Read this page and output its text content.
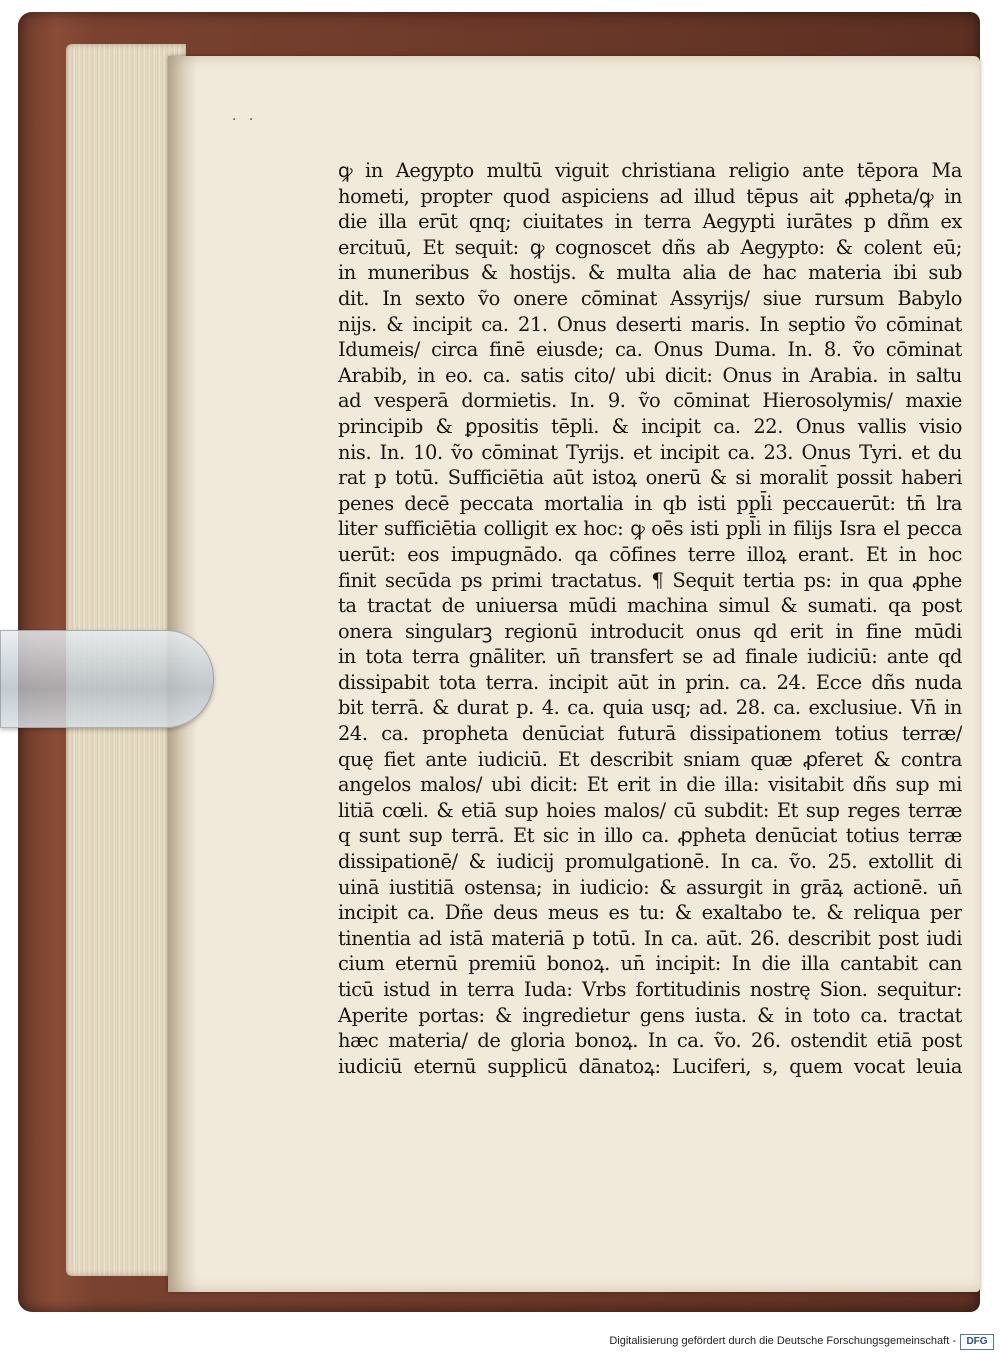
· ·
ꝙ in Aegypto multū viguit christiana religio ante tēpora Ma
hometi, propter quod aspiciens ad illud tēpus ait ꝓpheta/ꝙ in
die illa erūt qnq; ciuitates in terra Aegypti iurātes p dñm ex
ercituū, Et sequit: ꝙ cognoscet dñs ab Aegypto: & colent eū;
in muneribus & hostijs. & multa alia de hac materia ibi sub
dit. In sexto ṽo onere cōminat Assyrijs/ siue rursum Babylo
nijs. & incipit ca. 21. Onus deserti maris. In septio ṽo cōminat
Idumeis/ circa finē eiusde; ca. Onus Duma. In. 8. ṽo cōminat
Arabib, in eo. ca. satis cito/ ubi dicit: Onus in Arabia. in saltu
ad vesperā dormietis. In. 9. ṽo cōminat Hierosolymis/ maxie
principib & ꝑpositis tēpli. & incipit ca. 22. Onus vallis visio
nis. In. 10. ṽo cōminat Tyrijs. et incipit ca. 23. Onus Tyri. et du
rat p totū. Sufficiētia aūt istoꝝ onerū & si moralit̄ possit haberi
penes decē peccata mortalia in qb isti ppl̄i peccauerūt: tn̄ lra
liter sufficiētia colligit ex hoc: ꝙ oēs isti ppl̄i in filijs Isra el pecca
uerūt: eos impugnādo. qa cōfines terre illoꝝ erant. Et in hoc
finit secūda ps primi tractatus. ¶ Sequit tertia ps: in qua ꝓphe
ta tractat de uniuersa mūdi machina simul & sumati. qa post
onera singularꝫ regionū introducit onus qd erit in fine mūdi
in tota terra gnāliter. un̄ transfert se ad finale iudiciū: ante qd
dissipabit tota terra. incipit aūt in prin. ca. 24. Ecce dñs nuda
bit terrā. & durat p. 4. ca. quia usq; ad. 28. ca. exclusiue. Vn̄ in
24. ca. propheta denūciat futurā dissipationem totius terræ/
quę fiet ante iudiciū. Et describit sniam quæ ꝓferet & contra
angelos malos/ ubi dicit: Et erit in die illa: visitabit dñs sup mi
litiā cœli. & etiā sup hoies malos/ cū subdit: Et sup reges terræ
q sunt sup terrā. Et sic in illo ca. ꝓpheta denūciat totius terræ
dissipationē/ & iudicij promulgationē. In ca. ṽo. 25. extollit di
uinā iustitiā ostensa; in iudicio: & assurgit in grāꝝ actionē. un̄
incipit ca. Dñe deus meus es tu: & exaltabo te. & reliqua per
tinentia ad istā materiā p totū. In ca. aūt. 26. describit post iudi
cium eternū premiū bonoꝝ. un̄ incipit: In die illa cantabit can
ticū istud in terra Iuda: Vrbs fortitudinis nostrę Sion. sequitur:
Aperite portas: & ingredietur gens iusta. & in toto ca. tractat
hæc materia/ de gloria bonoꝝ. In ca. ṽo. 26. ostendit etiā post
iudiciū eternū supplicū dānatoꝝ: Luciferi, s, quem vocat leuia
Digitalisierung gefördert durch die Deutsche Forschungsgemeinschaft -	DFG
